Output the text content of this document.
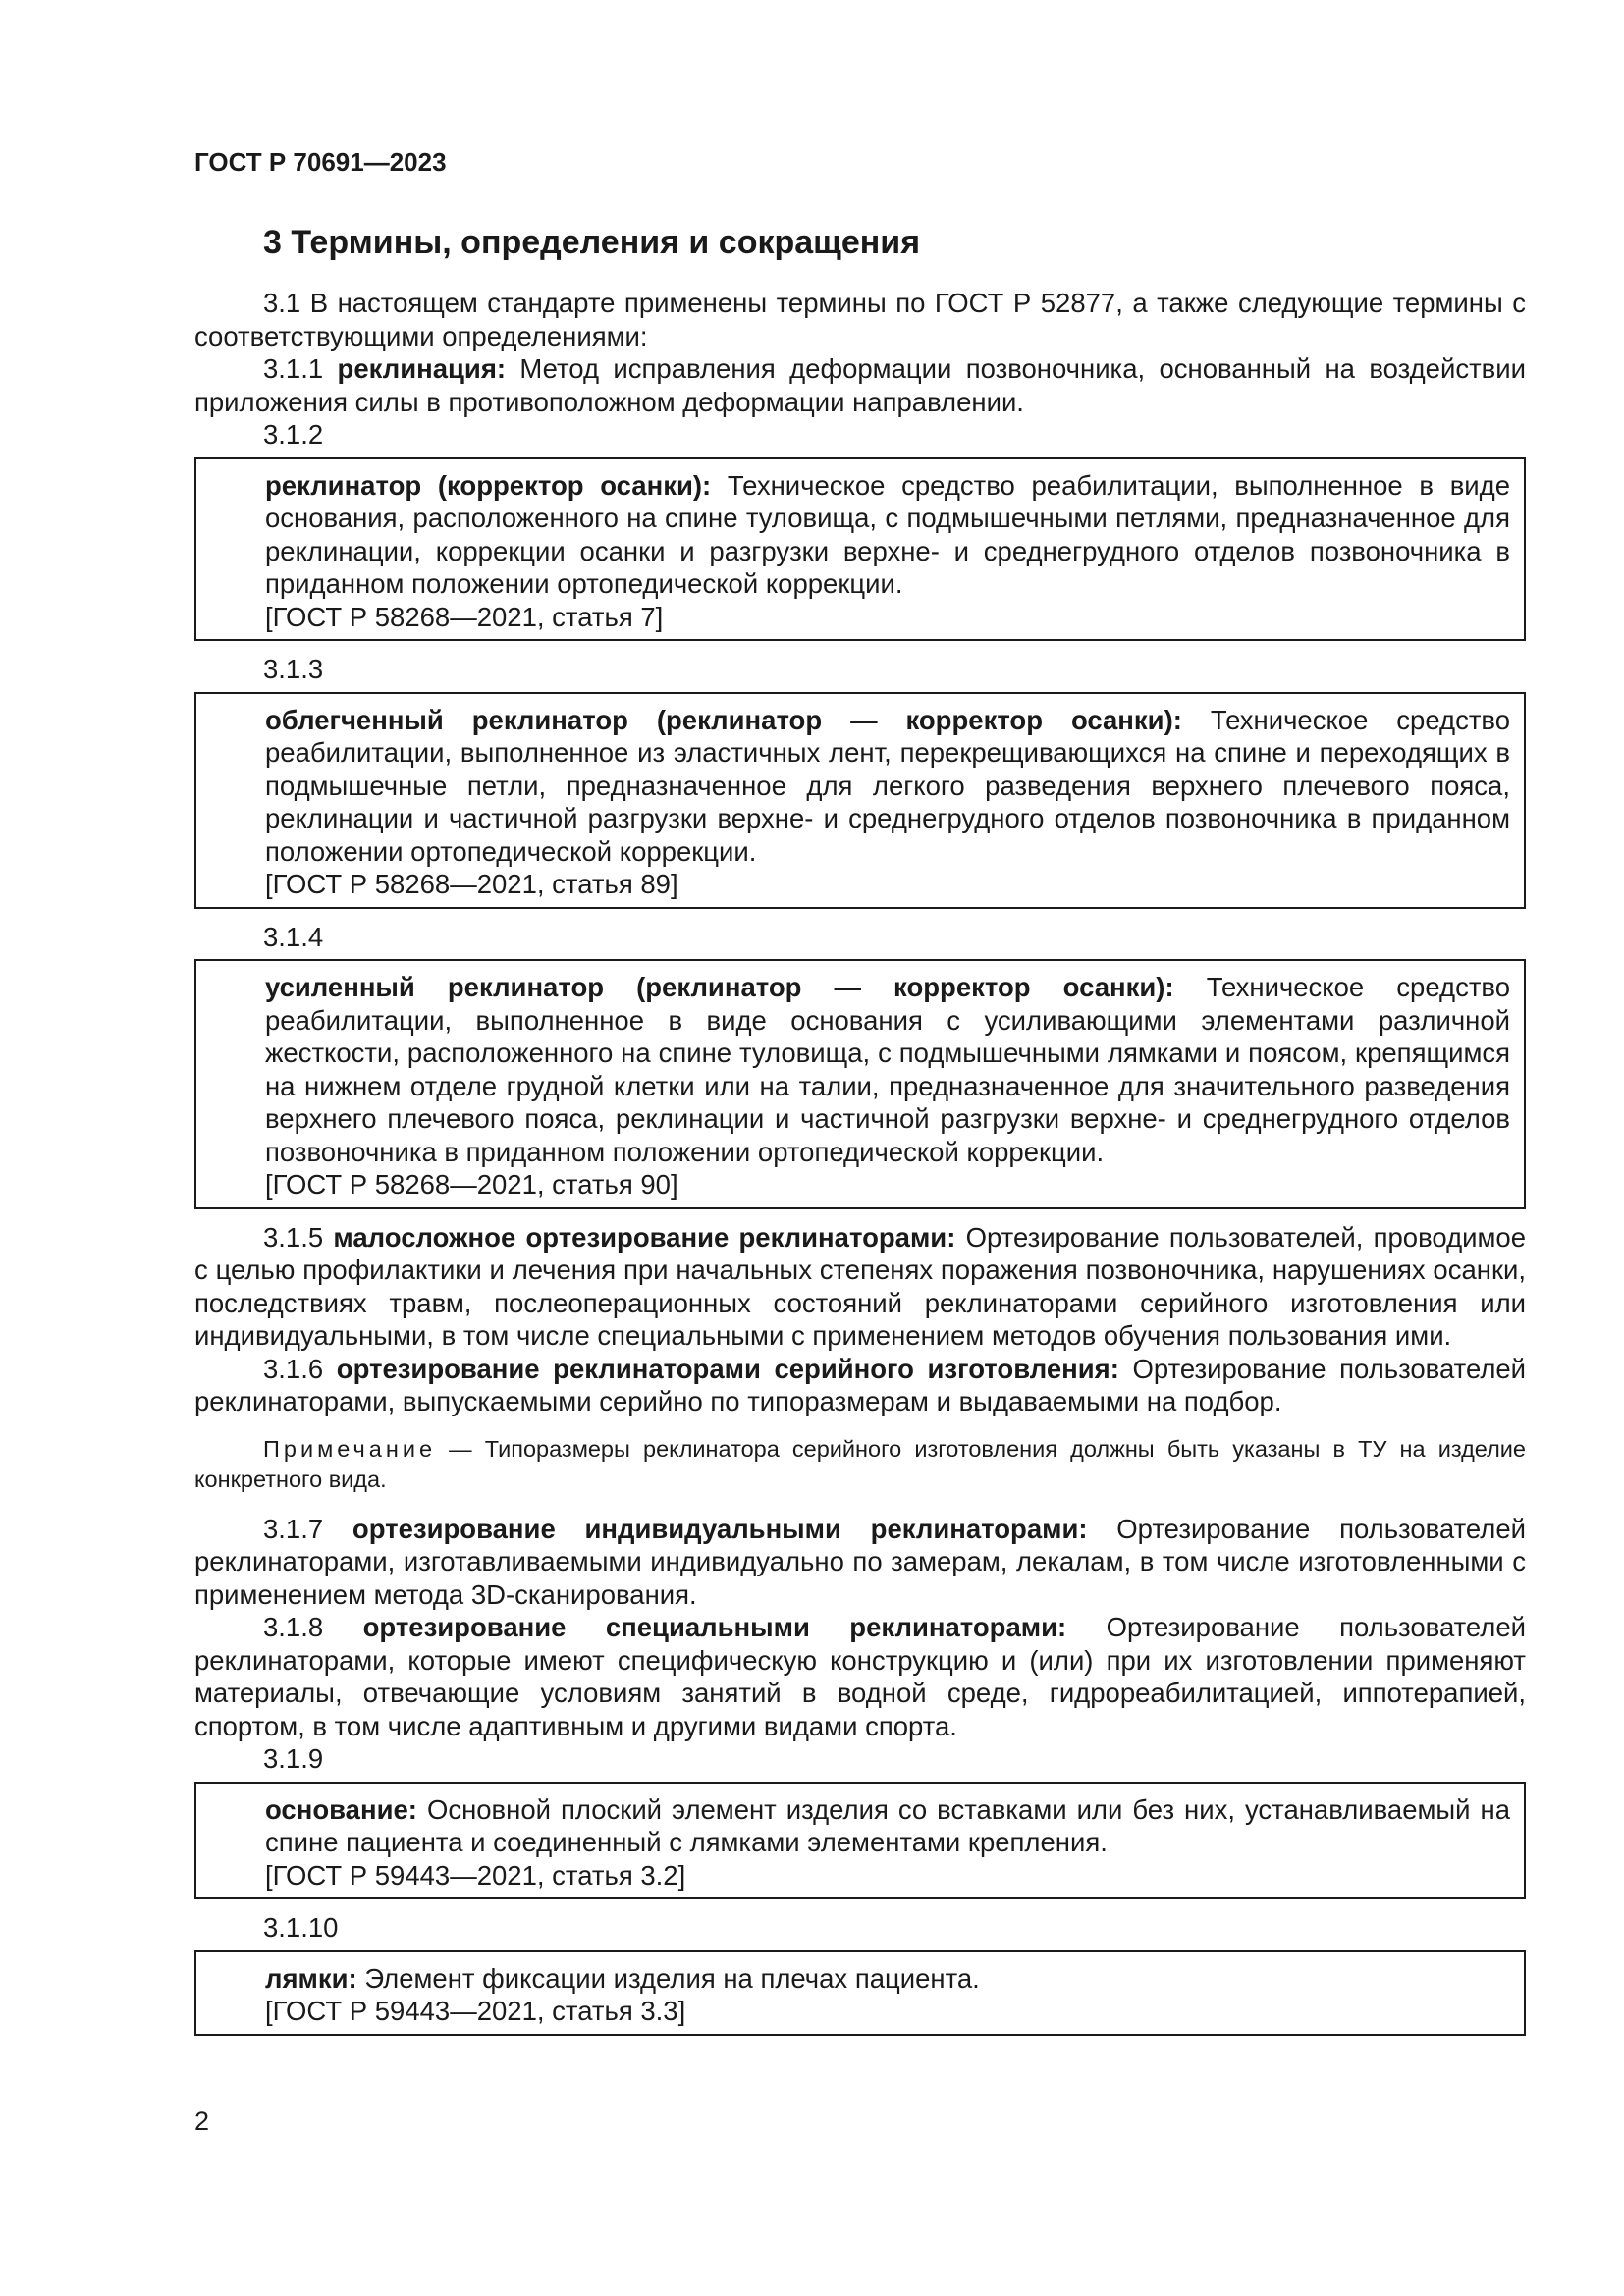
ГОСТ Р 70691—2023
3 Термины, определения и сокращения

3.1 В настоящем стандарте применены термины по ГОСТ Р 52877, а также следующие термины с соответствующими определениями:

3.1.1 реклинация: Метод исправления деформации позвоночника, основанный на воздействии приложения силы в противоположном деформации направлении.

3.1.2

реклинатор (корректор осанки): Техническое средство реабилитации, выполненное в виде основания, расположенного на спине туловища, с подмышечными петлями, предназначенное для реклинации, коррекции осанки и разгрузки верхне- и среднегрудного отделов позвоночника в приданном положении ортопедической коррекции.

[ГОСТ Р 58268—2021, статья 7]

3.1.3

облегченный реклинатор (реклинатор — корректор осанки): Техническое средство реабилитации, выполненное из эластичных лент, перекрещивающихся на спине и переходящих в подмышечные петли, предназначенное для легкого разведения верхнего плечевого пояса, реклинации и частичной разгрузки верхне- и среднегрудного отделов позвоночника в приданном положении ортопедической коррекции.

[ГОСТ Р 58268—2021, статья 89]

3.1.4

усиленный реклинатор (реклинатор — корректор осанки): Техническое средство реабилитации, выполненное в виде основания с усиливающими элементами различной жесткости, расположенного на спине туловища, с подмышечными лямками и поясом, крепящимся на нижнем отделе грудной клетки или на талии, предназначенное для значительного разведения верхнего плечевого пояса, реклинации и частичной разгрузки верхне- и среднегрудного отделов позвоночника в приданном положении ортопедической коррекции.

[ГОСТ Р 58268—2021, статья 90]

3.1.5 малосложное ортезирование реклинаторами: Ортезирование пользователей, проводимое с целью профилактики и лечения при начальных степенях поражения позвоночника, нарушениях осанки, последствиях травм, послеоперационных состояний реклинаторами серийного изготовления или индивидуальными, в том числе специальными с применением методов обучения пользования ими.

3.1.6 ортезирование реклинаторами серийного изготовления: Ортезирование пользователей реклинаторами, выпускаемыми серийно по типоразмерам и выдаваемыми на подбор.

Примечание — Типоразмеры реклинатора серийного изготовления должны быть указаны в ТУ на изделие конкретного вида.

3.1.7 ортезирование индивидуальными реклинаторами: Ортезирование пользователей реклинаторами, изготавливаемыми индивидуально по замерам, лекалам, в том числе изготовленными с применением метода 3D-сканирования.

3.1.8 ортезирование специальными реклинаторами: Ортезирование пользователей реклинаторами, которые имеют специфическую конструкцию и (или) при их изготовлении применяют материалы, отвечающие условиям занятий в водной среде, гидрореабилитацией, иппотерапией, спортом, в том числе адаптивным и другими видами спорта.

3.1.9

основание: Основной плоский элемент изделия со вставками или без них, устанавливаемый на спине пациента и соединенный с лямками элементами крепления.

[ГОСТ Р 59443—2021, статья 3.2]

3.1.10

лямки: Элемент фиксации изделия на плечах пациента.

[ГОСТ Р 59443—2021, статья 3.3]

2
